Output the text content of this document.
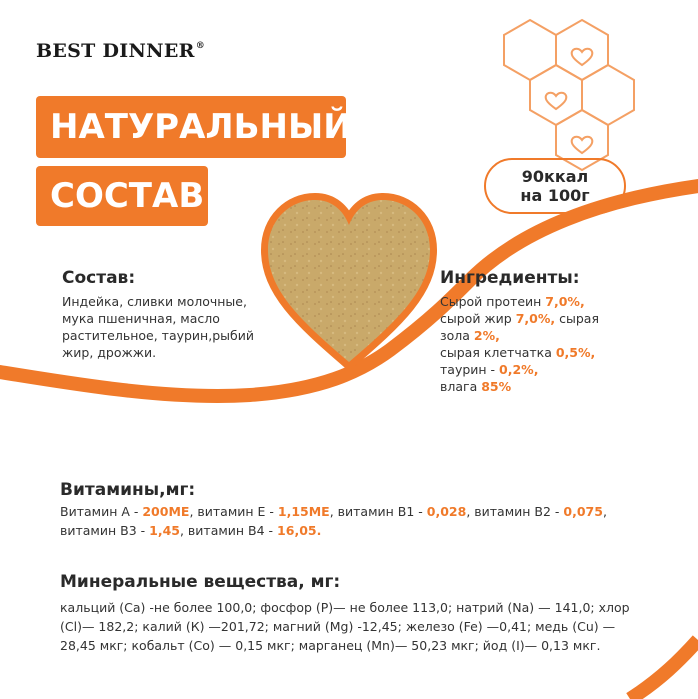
BEST DINNER®
НАТУРАЛЬНЫЙ
СОСТАВ	90ккал
на 100г
Состав:
Индейка, сливки молочные, мука пшеничная, масло растительное, таурин,рыбий жир, дрожжи.
Ингредиенты:
Сырой протеин 7,0%, сырой жир 7,0%, сырая зола 2%,
сырая клетчатка 0,5%,
таурин - 0,2%,
влага 85%
Витамины,мг:
Витамин А - 200МЕ, витамин Е - 1,15МЕ, витамин В1 - 0,028, витамин В2 - 0,075, витамин В3 - 1,45, витамин В4 - 16,05.
Минеральные вещества, мг:
кальций (Са) -не более 100,0; фосфор (Р)— не более 113,0; натрий (Na) — 141,0; хлор (Cl)— 182,2; калий (К) —201,72; магний (Mg) -12,45; железо (Fe) —0,41; медь (Cu) — 28,45 мкг; кобальт (Co) — 0,15 мкг; марганец (Mn)— 50,23 мкг; йод (I)— 0,13 мкг.
